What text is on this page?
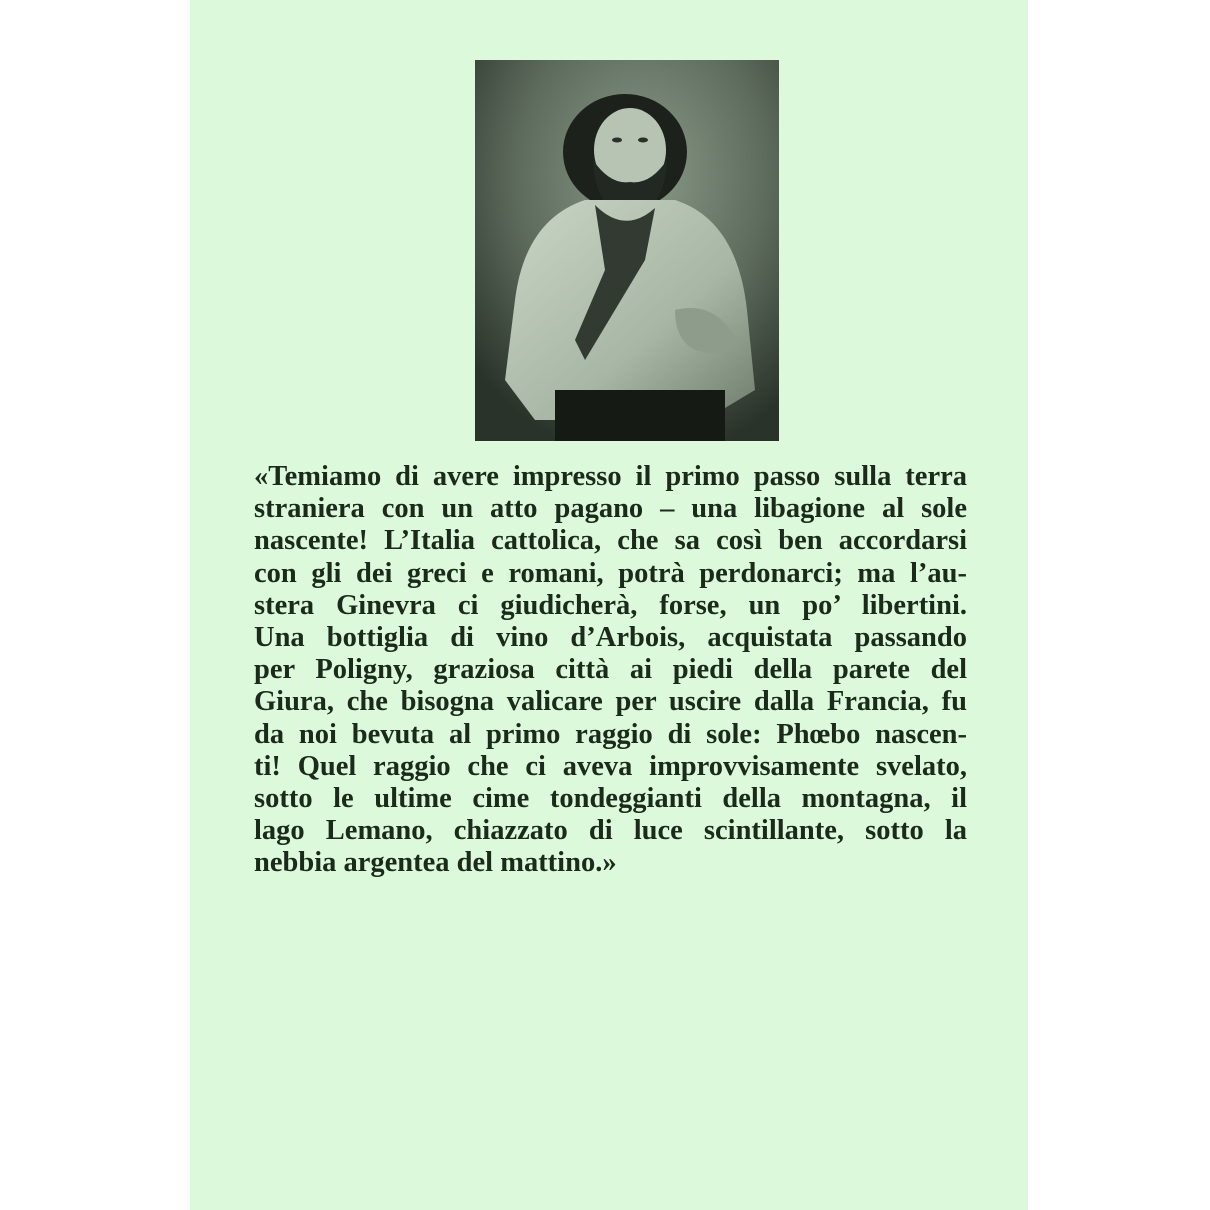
«Temiamo di avere impresso il primo passo sulla terra
straniera con un atto pagano – una libagione al sole
nascente! L’Italia cattolica, che sa così ben accordarsi
con gli dei greci e romani, potrà perdonarci; ma l’au-
stera Ginevra ci giudicherà, forse, un po’ libertini.
Una bottiglia di vino d’Arbois, acquistata passando
per Poligny, graziosa città ai piedi della parete del
Giura, che bisogna valicare per uscire dalla Francia, fu
da noi bevuta al primo raggio di sole: Phœbo nascen-
ti! Quel raggio che ci aveva improvvisamente svelato,
sotto le ultime cime tondeggianti della montagna, il
lago Lemano, chiazzato di luce scintillante, sotto la
nebbia argentea del mattino.»
